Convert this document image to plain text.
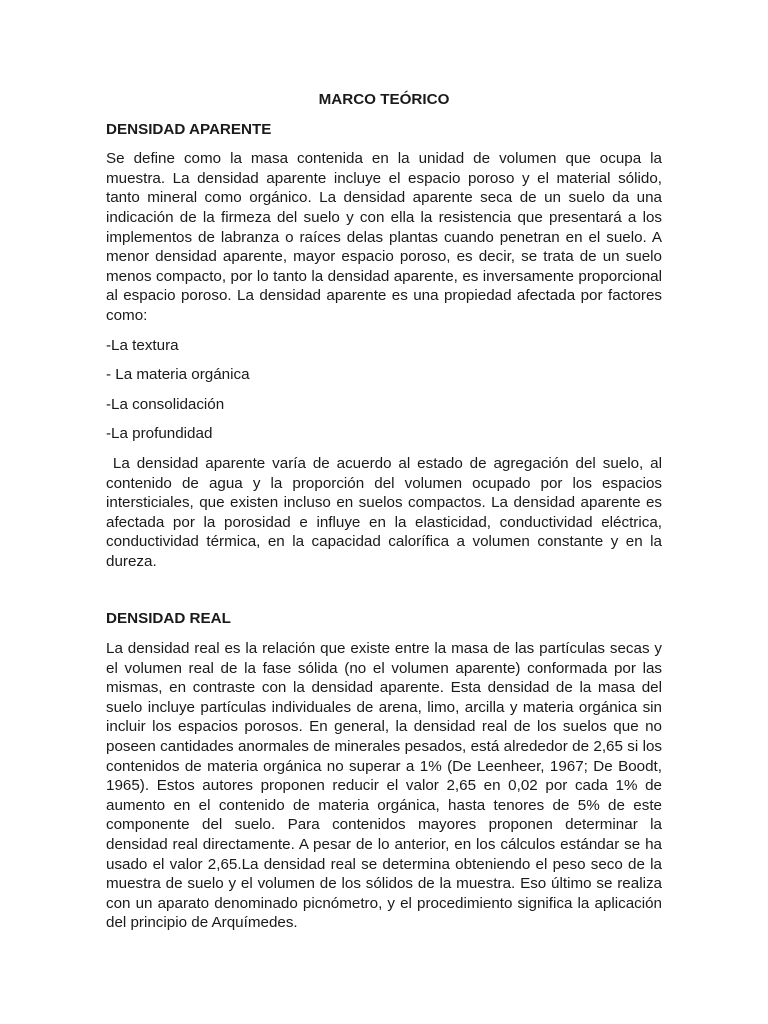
MARCO TEÓRICO
DENSIDAD APARENTE
Se define como la masa contenida en la unidad de volumen que ocupa la muestra. La densidad aparente incluye el espacio poroso y el material sólido, tanto mineral como orgánico. La densidad aparente seca de un suelo da una indicación de la firmeza del suelo y con ella la resistencia que presentará a los implementos de labranza o raíces delas plantas cuando penetran en el suelo. A menor densidad aparente, mayor espacio poroso, es decir, se trata de un suelo menos compacto, por lo tanto la densidad aparente, es inversamente proporcional al espacio poroso. La densidad aparente es una propiedad afectada por factores como:
-La textura
- La materia orgánica
-La consolidación
-La profundidad
La densidad aparente varía de acuerdo al estado de agregación del suelo, al contenido de agua y la proporción del volumen ocupado por los espacios intersticiales, que existen incluso en suelos compactos. La densidad aparente es afectada por la porosidad e influye en la elasticidad, conductividad eléctrica, conductividad térmica, en la capacidad calorífica a volumen constante y en la dureza.
DENSIDAD REAL
La densidad real es la relación que existe entre la masa de las partículas secas y el volumen real de la fase sólida (no el volumen aparente) conformada por las mismas, en contraste con la densidad aparente. Esta densidad de la masa del suelo incluye partículas individuales de arena, limo, arcilla y materia orgánica sin incluir los espacios porosos. En general, la densidad real de los suelos que no poseen cantidades anormales de minerales pesados, está alrededor de 2,65 si los contenidos de materia orgánica no superar a 1% (De Leenheer, 1967; De Boodt, 1965). Estos autores proponen reducir el valor 2,65 en 0,02 por cada 1% de aumento en el contenido de materia orgánica, hasta tenores de 5% de este componente del suelo. Para contenidos mayores proponen determinar la densidad real directamente. A pesar de lo anterior, en los cálculos estándar se ha usado el valor 2,65.La densidad real se determina obteniendo el peso seco de la muestra de suelo y el volumen de los sólidos de la muestra. Eso último se realiza con un aparato denominado picnómetro, y el procedimiento significa la aplicación del principio de Arquímedes.
